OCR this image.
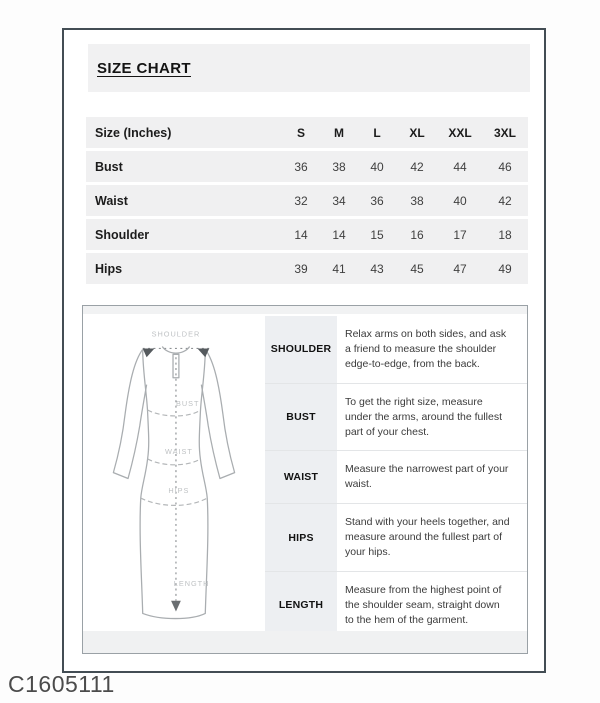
SIZE CHART
Size (Inches)	S	M	L	XL	XXL	3XL
Bust	36	38	40	42	44	46
Waist	32	34	36	38	40	42
Shoulder	14	14	15	16	17	18
Hips	39	41	43	45	47	49
SHOULDER
BUST
WAIST
HIPS
LENGTH
SHOULDER
Relax arms on both sides, and ask a friend to measure the shoulder edge-to-edge, from the back.
BUST
To get the right size, measure under the arms, around the fullest part of your chest.
WAIST
Measure the narrowest part of your waist.
HIPS
Stand with your heels together, and measure around the fullest part of your hips.
LENGTH
Measure from the highest point of the shoulder seam, straight down to the hem of the garment.
C1605111
